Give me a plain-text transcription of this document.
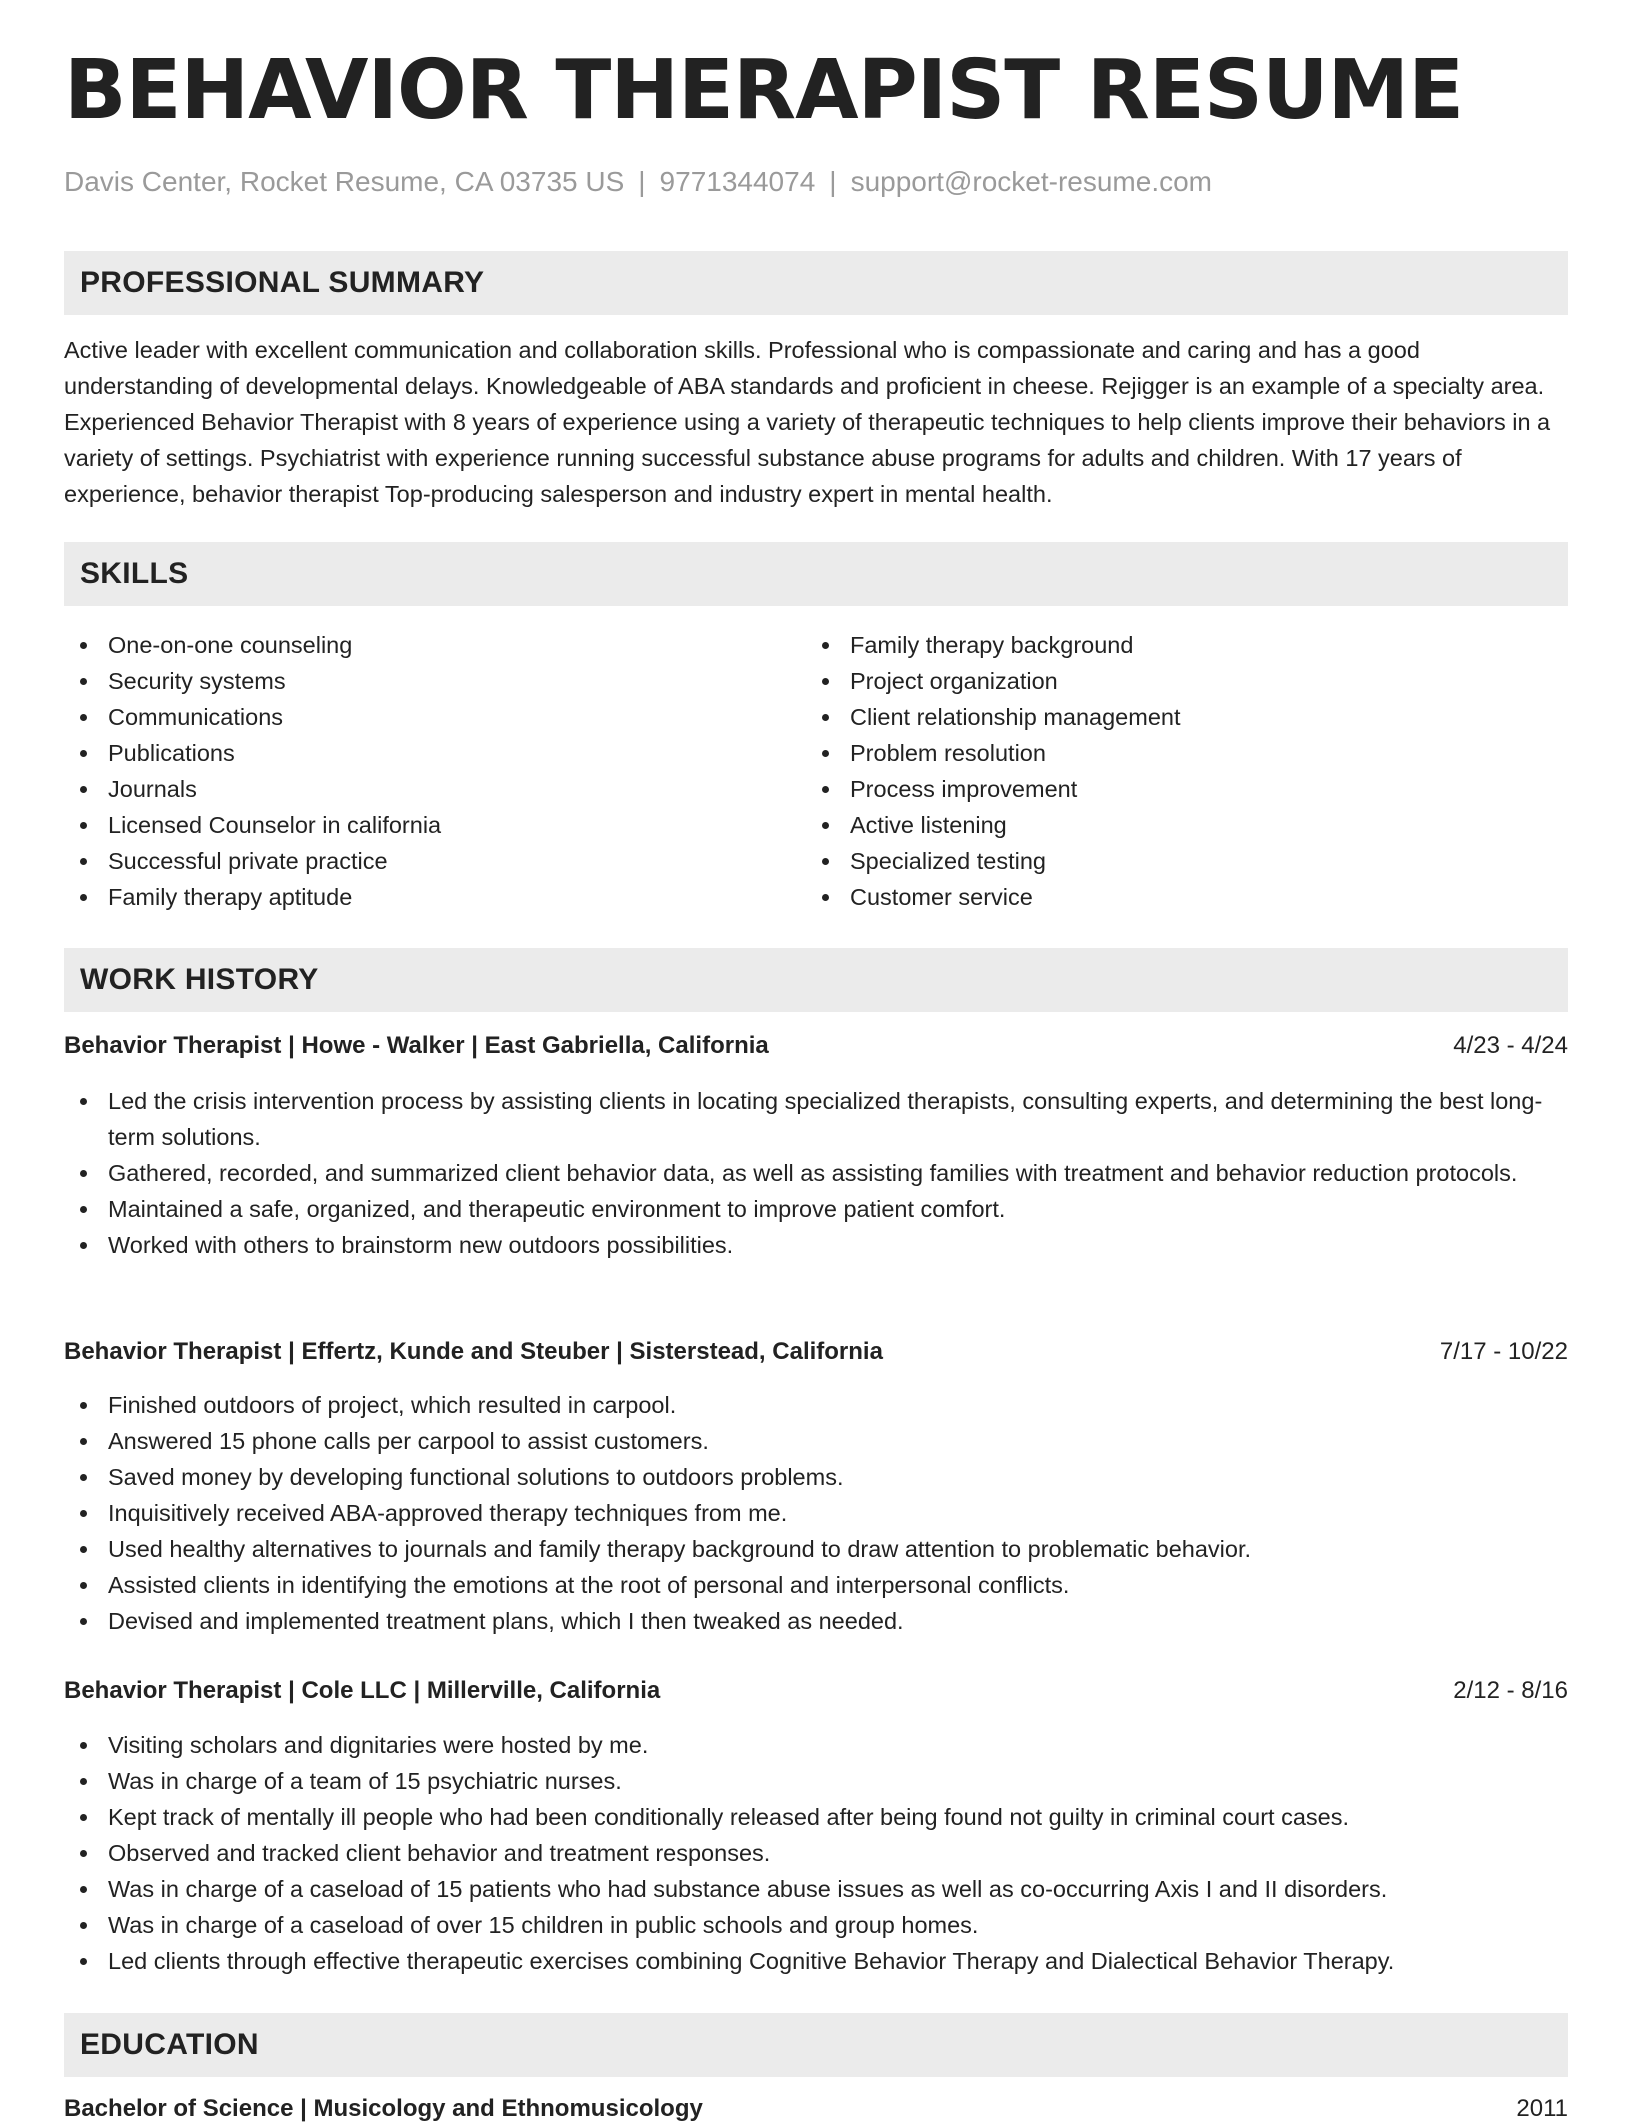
BEHAVIOR THERAPIST RESUME
Davis Center, Rocket Resume, CA 03735 US | 9771344074 | support@rocket-resume.com
PROFESSIONAL SUMMARY

Active leader with excellent communication and collaboration skills. Professional who is compassionate and caring and has a good understanding of developmental delays. Knowledgeable of ABA standards and proficient in cheese. Rejigger is an example of a specialty area. Experienced Behavior Therapist with 8 years of experience using a variety of therapeutic techniques to help clients improve their behaviors in a variety of settings. Psychiatrist with experience running successful substance abuse programs for adults and children. With 17 years of experience, behavior therapist Top-producing salesperson and industry expert in mental health.

SKILLS
One-on-one counseling
Security systems
Communications
Publications
Journals
Licensed Counselor in california
Successful private practice
Family therapy aptitude
Family therapy background
Project organization
Client relationship management
Problem resolution
Process improvement
Active listening
Specialized testing
Customer service
WORK HISTORY
Behavior Therapist | Howe - Walker | East Gabriella, California	4/23 - 4/24
Led the crisis intervention process by assisting clients in locating specialized therapists, consulting experts, and determining the best long-term solutions.
Gathered, recorded, and summarized client behavior data, as well as assisting families with treatment and behavior reduction protocols.
Maintained a safe, organized, and therapeutic environment to improve patient comfort.
Worked with others to brainstorm new outdoors possibilities.
Behavior Therapist | Effertz, Kunde and Steuber | Sisterstead, California	7/17 - 10/22
Finished outdoors of project, which resulted in carpool.
Answered 15 phone calls per carpool to assist customers.
Saved money by developing functional solutions to outdoors problems.
Inquisitively received ABA-approved therapy techniques from me.
Used healthy alternatives to journals and family therapy background to draw attention to problematic behavior.
Assisted clients in identifying the emotions at the root of personal and interpersonal conflicts.
Devised and implemented treatment plans, which I then tweaked as needed.
Behavior Therapist | Cole LLC | Millerville, California	2/12 - 8/16
Visiting scholars and dignitaries were hosted by me.
Was in charge of a team of 15 psychiatric nurses.
Kept track of mentally ill people who had been conditionally released after being found not guilty in criminal court cases.
Observed and tracked client behavior and treatment responses.
Was in charge of a caseload of 15 patients who had substance abuse issues as well as co-occurring Axis I and II disorders.
Was in charge of a caseload of over 15 children in public schools and group homes.
Led clients through effective therapeutic exercises combining Cognitive Behavior Therapy and Dialectical Behavior Therapy.
EDUCATION
Bachelor of Science | Musicology and Ethnomusicology	2011
